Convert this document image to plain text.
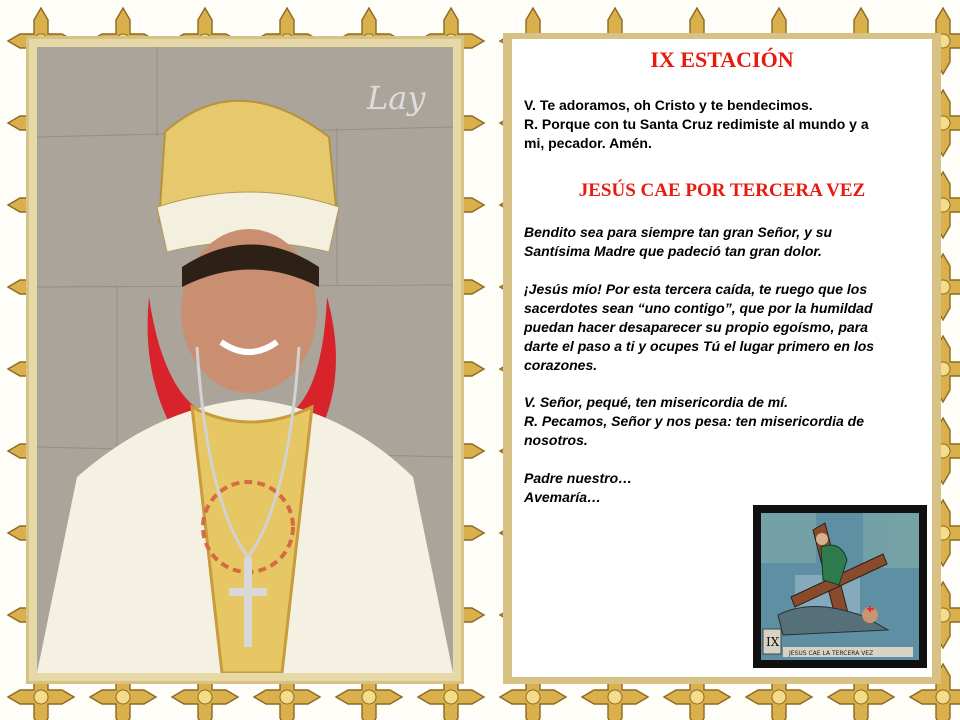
Lay
IX ESTACIÓN
V. Te adoramos, oh Cristo y te bendecimos.
R. Porque con tu Santa Cruz redimiste al mundo y a
mi, pecador. Amén.
JESÚS CAE POR TERCERA VEZ
Bendito sea para siempre tan gran Señor, y su
Santísima Madre que padeció tan gran dolor.
¡Jesús mío! Por esta tercera caída, te ruego que los
sacerdotes sean “uno contigo”, que por la humildad
puedan hacer desaparecer su propio egoísmo, para
darte el paso a ti y ocupes Tú el lugar primero en los
corazones.
V. Señor, pequé, ten misericordia de mí.
R. Pecamos, Señor y nos pesa: ten misericordia de
nosotros.
Padre nuestro…
Avemaría…
IX
JESUS CAE LA TERCERA VEZ
